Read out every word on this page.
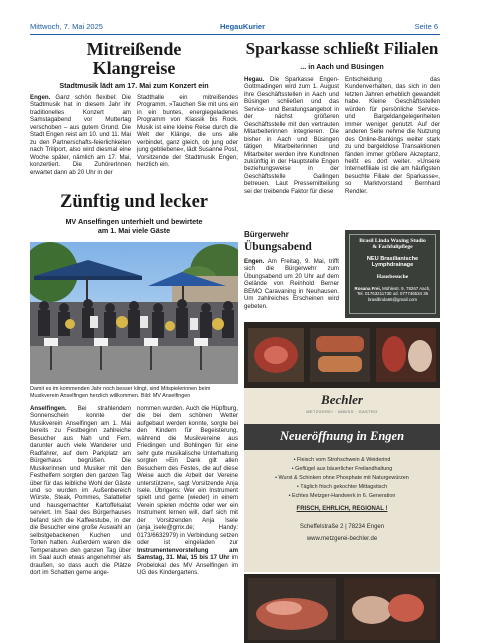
Mittwoch, 7. Mai 2025	HegauKurier	Seite 6
Mitreißende
Klangreise
Stadtmusik lädt am 17. Mai zum Konzert ein
Engen. Ganz schön flexibel: Die Stadtmusik hat in diesem Jahr ihr traditionelles Konzert am Samstagabend vor Muttertag verschoben – aus gutem Grund. Die Stadt Engen reist am 10. und 11. Mai zu den Partnerschafts-feierlichkeiten nach Triliport, also wird diesmal eine Woche später, nämlich am 17. Mai, konzertiert. Die ZuhörerInnen erwartet dann ab 20 Uhr in der
Stadthalle ein mitreißendes Programm. »Tauchen Sie mit uns ein in ein buntes, energiegeladenes Programm von Klassik bis Rock. Musik ist eine kleine Reise durch die Welt der Klänge, die uns alle verbindet, ganz gleich, ob jung oder jung gebliebene«, lädt Susanne Post, Vorsitzende der Stadtmusik Engen, herzlich ein.
Zünftig und lecker
MV Anselfingen unterhielt und bewirtete
am 1. Mai viele Gäste
Damit es im kommenden Jahr noch besser klingt, sind Mitspielerinnen beim Musikverein Anselfingen herzlich willkommen. Bild: MV Anselfingen
Anselfingen. Bei strahlendem Sonnenschein konnte der Musikverein Anselfingen am 1. Mai bereits zu Festbeginn zahlreiche Besucher aus Nah und Fern, darunter auch viele Wanderer und Radfahrer, auf dem Parkplatz am Bürgerhaus begrüßen. Die Musikerinnen und Musiker mit den Festhelfern sorgten den ganzen Tag über für das leibliche Wohl der Gäste und so wurden im Außenbereich Würste, Steak, Pommes, Salatteller und hausgemachter Kartoffelsalat serviert. Im Saal des Bürgerhauses befand sich die Kaffeestube, in der die Besucher eine große Auswahl an selbstgebackenen Kuchen und Torten hatten. Außerdem waren die Temperaturen den ganzen Tag über im Saal auch etwas angenehmer als draußen, so dass auch die Plätze dort im Schatten gerne ange-
nommen wurden. Auch die Hüpfburg, die bei dem schönen Wetter aufgebaut werden konnte, sorgte bei den Kindern für Begeisterung, während die Musikvereine aus Friedingen und Bohlingen für eine sehr gute musikalische Unterhaltung sorgten »Ein Dank gilt allen Besuchern des Festes, die auf diese Weise auch die Arbeit der Vereine unterstützen«, sagt Vorsitzende Anja Isele. Übrigens: Wer ein Instrument spielt und gerne (wieder) in einem Verein spielen möchte oder wer ein Instrument lernen will, darf sich mit der Vorsitzenden Anja Isele (anja_isele@gmx.de; Handy: 0173/6632979) in Verbindung setzen oder ist eingeladen zur Instrumentenvorstellung am Samstag, 31. Mai, 15 bis 17 Uhr im Probelokal des MV Anselfingen im UG des Kindergartens.
Sparkasse schließt Filialen
... in Aach und Büsingen
Hegau. Die Sparkasse Engen-Gottmadingen wird zum 1. August ihre Geschäftsstellen in Aach und Büsingen schließen und das Service- und Beratungsangebot in der nächst größeren Geschäftsstelle mit den vertrauten Mitarbeiterinnen integrieren. Die bisher in Aach und Büsingen tätigen Mitarbeiterinnen und Mitarbeiter werden ihre KundInnen zukünftig in der Hauptstelle Engen beziehungsweise in der Geschäftsstelle Gailingen betreuen. Laut Pressemitteilung sei der treibende Faktor für diese
Entscheidung das Kundenverhalten, das sich in den letzten Jahren erheblich gewandelt habe. Kleine Geschäftsstellen würden für persönliche Service- und Bargeldangelegenheiten immer weniger genutzt. Auf der anderen Seite nehme die Nutzung des Online-Bankings weiter stark zu und bargeldlose Transaktionen fänden immer größere Akzeptanz, heißt es dort weiter. »Unsere Internetfiliale ist die am häufigsten besuchte Filiale der Sparkasse«, so Marktvorstand Bernhard Rendler.
Bürgerwehr
Übungsabend
Engen. Am Freitag, 9. Mai, trifft sich die Bürgerwehr zum Übungsabend um 20 Uhr auf dem Gelände von Reinhold Berner BEMO Caravaning in Neuhausen. Um zahlreiches Erscheinen wird gebeten.
Brasil Linda Waxing Studio
& Fachfußpflege
NEU Brasilianische
Lymphdrainage
Hausbesuche
Rosana Frei, Mühlestr. 9, 78267 Aach,
Tel. 01763211730 od. 077746534 36
brasillinda66@gmail.com
Bechler
METZGEREI · IMBISS · GASTRO
Neueröffnung in Engen
• Fleisch vom Strohschwein & Weiderind
• Geflügel aus bäuerlicher Freilandhaltung
• Wurst & Schinken ohne Phosphate mit Naturgewürzen
• Täglich frisch gekochter Mittagstisch
• Echtes Metzger-Handwerk in 6. Generation
FRISCH, EHRLICH, REGIONAL !
Scheffelstraße 2 | 78234 Engen
www.metzgerei-bechler.de
